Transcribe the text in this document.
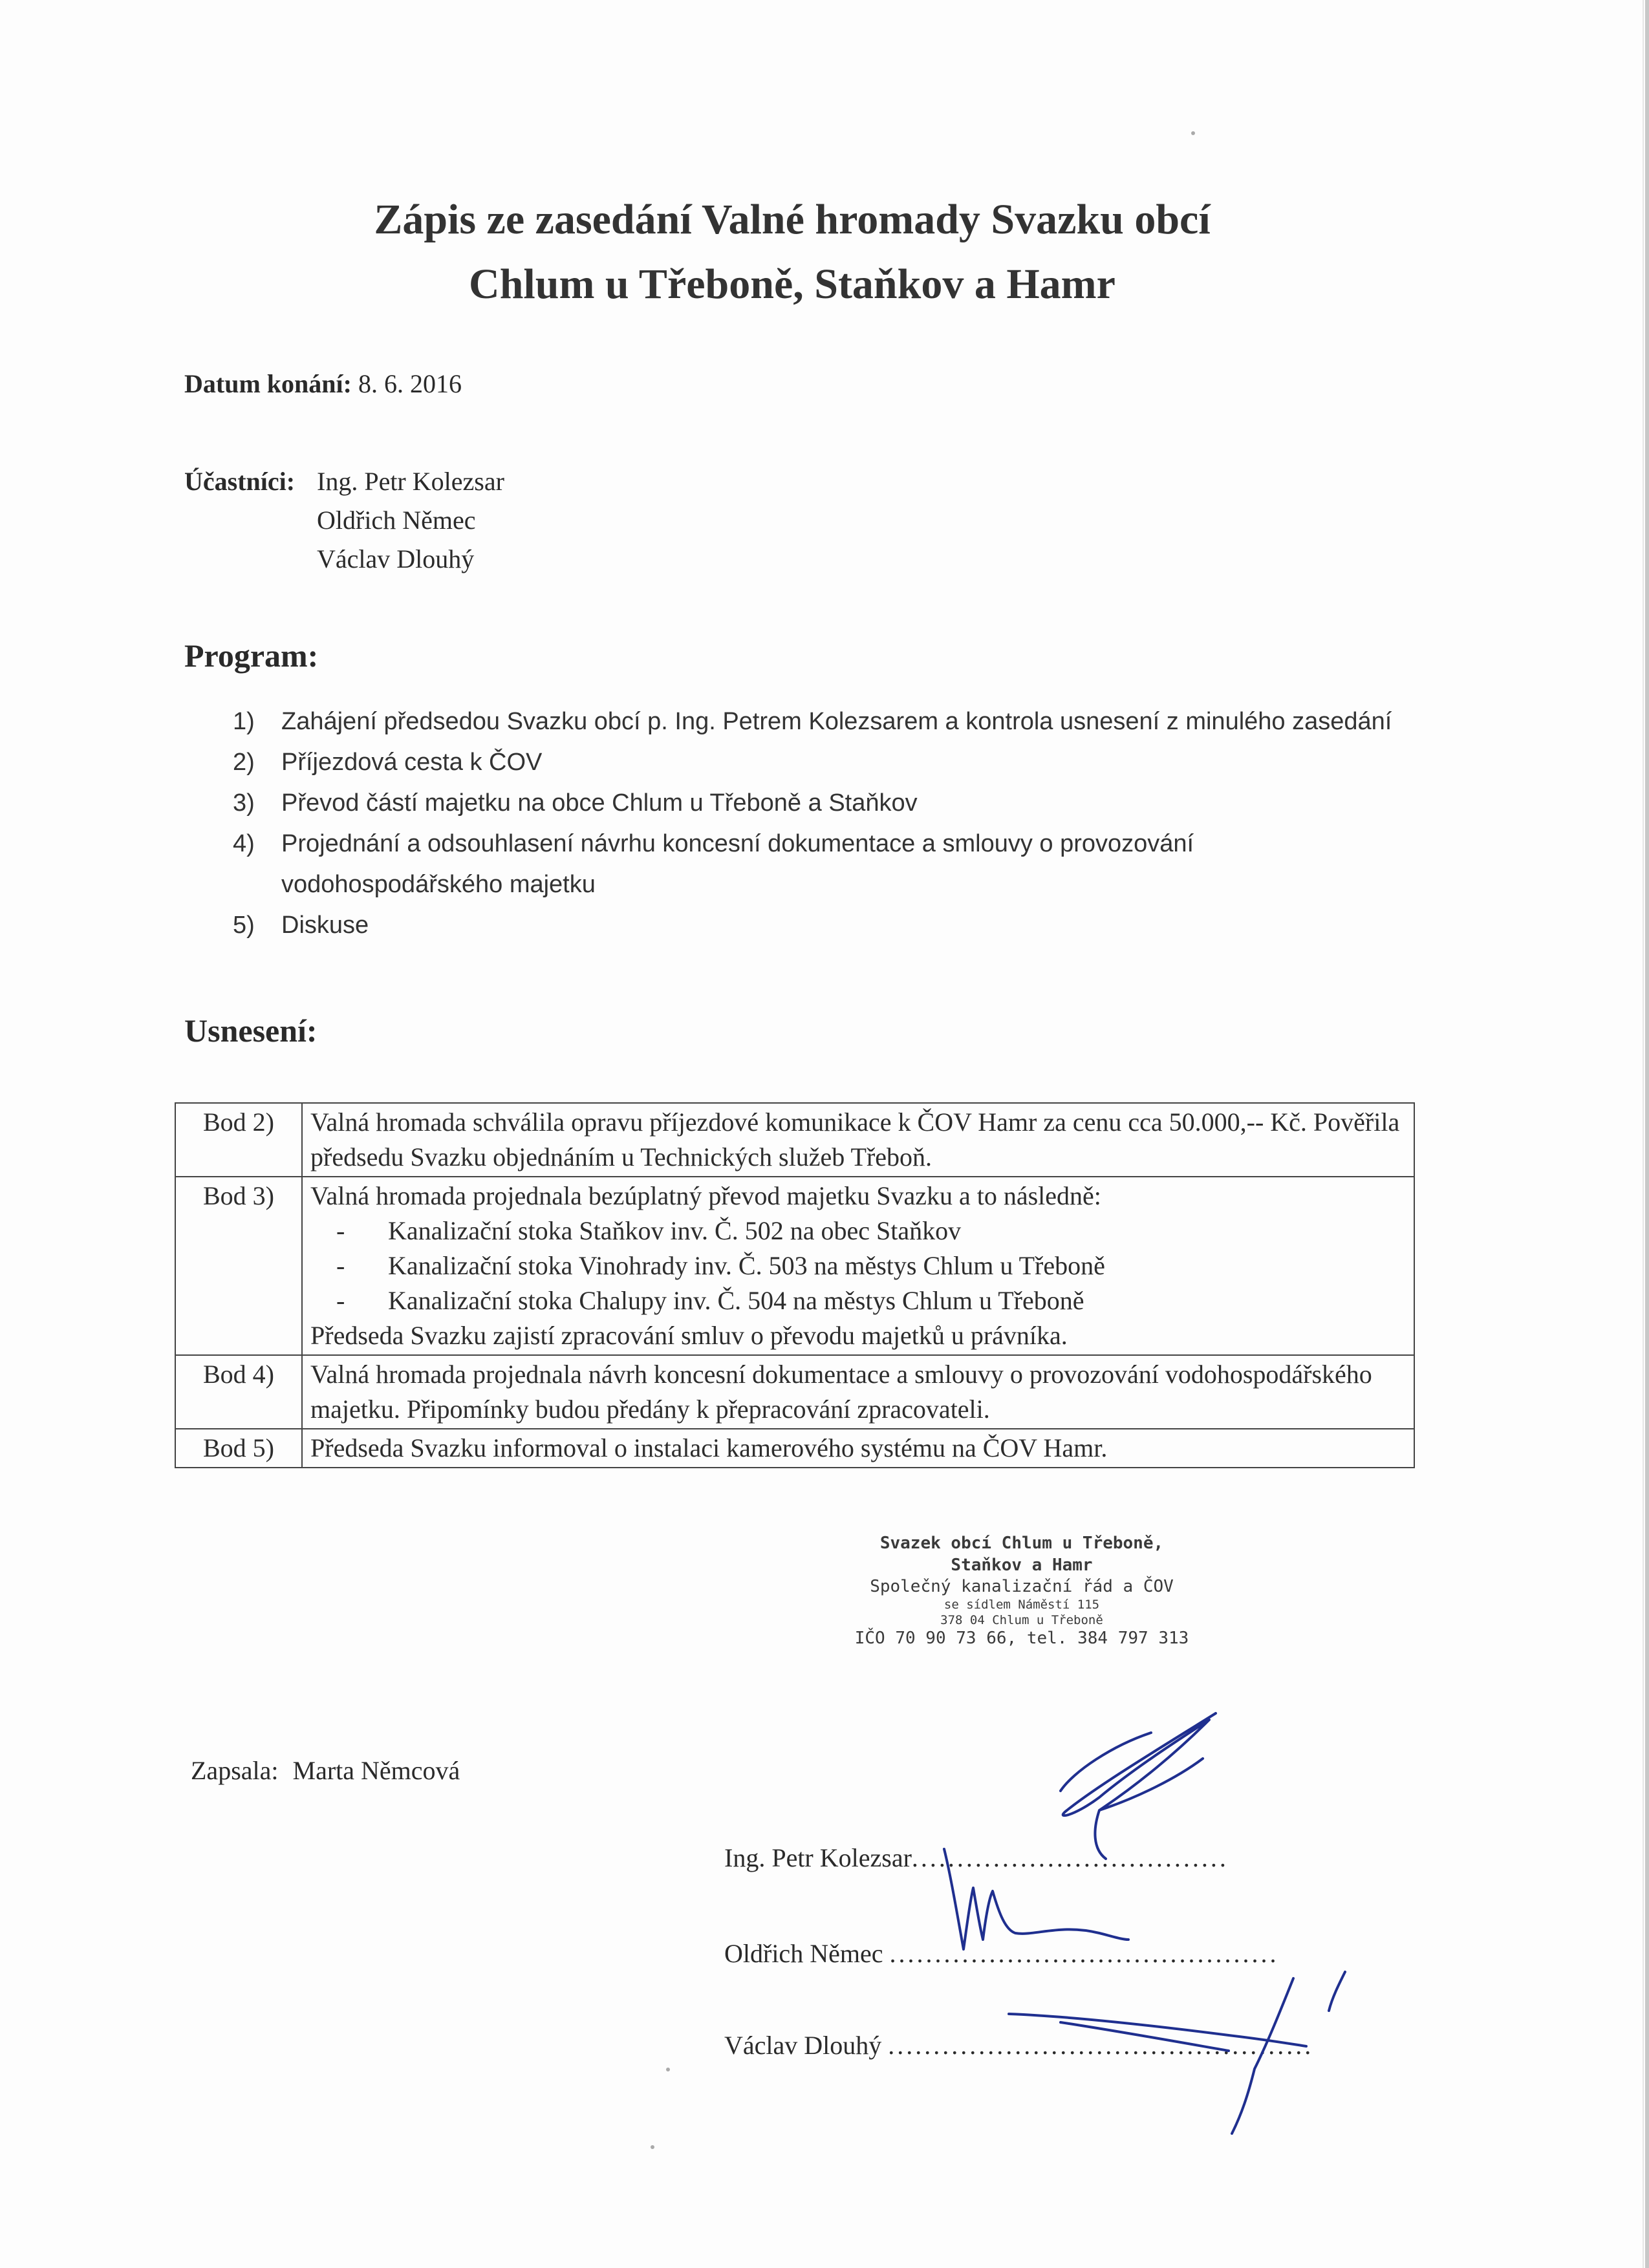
Zápis ze zasedání Valné hromady Svazku obcí
Chlum u Třeboně, Staňkov a Hamr
Datum konání: 8. 6. 2016
Účastníci: Ing. Petr Kolezsar
Oldřich Němec
Václav Dlouhý
Program:
1) Zahájení předsedou Svazku obcí p. Ing. Petrem Kolezsarem a kontrola usnesení z minulého zasedání
2) Příjezdová cesta k ČOV
3) Převod částí majetku na obce Chlum u Třeboně a Staňkov
4) Projednání a odsouhlasení návrhu koncesní dokumentace a smlouvy o provozování vodohospodářského majetku
5) Diskuse
Usnesení:
Bod 2)	Valná hromada schválila opravu příjezdové komunikace k ČOV Hamr za cenu cca 50.000,-- Kč. Pověřila předsedu Svazku objednáním u Technických služeb Třeboň.
Bod 3)	Valná hromada projednala bezúplatný převod majetku Svazku a to následně:
- Kanalizační stoka Staňkov inv. Č. 502 na obec Staňkov
- Kanalizační stoka Vinohrady inv. Č. 503 na městys Chlum u Třeboně
- Kanalizační stoka Chalupy inv. Č. 504 na městys Chlum u Třeboně
Předseda Svazku zajistí zpracování smluv o převodu majetků u právníka.

Bod 4)	Valná hromada projednala návrh koncesní dokumentace a smlouvy o provozování vodohospodářského majetku. Připomínky budou předány k přepracování zpracovateli.
Bod 5)	Předseda Svazku informoval o instalaci kamerového systému na ČOV Hamr.
Svazek obcí Chlum u Třeboně,
Staňkov a Hamr
Společný kanalizační řád a ČOV
se sídlem Náměstí 115
378 04 Chlum u Třeboně
IČO 70 90 73 66, tel. 384 797 313
Zapsala: Marta Němcová
Ing. Petr Kolezsar...................................
Oldřich Němec ...........................................
Václav Dlouhý ...............................................
